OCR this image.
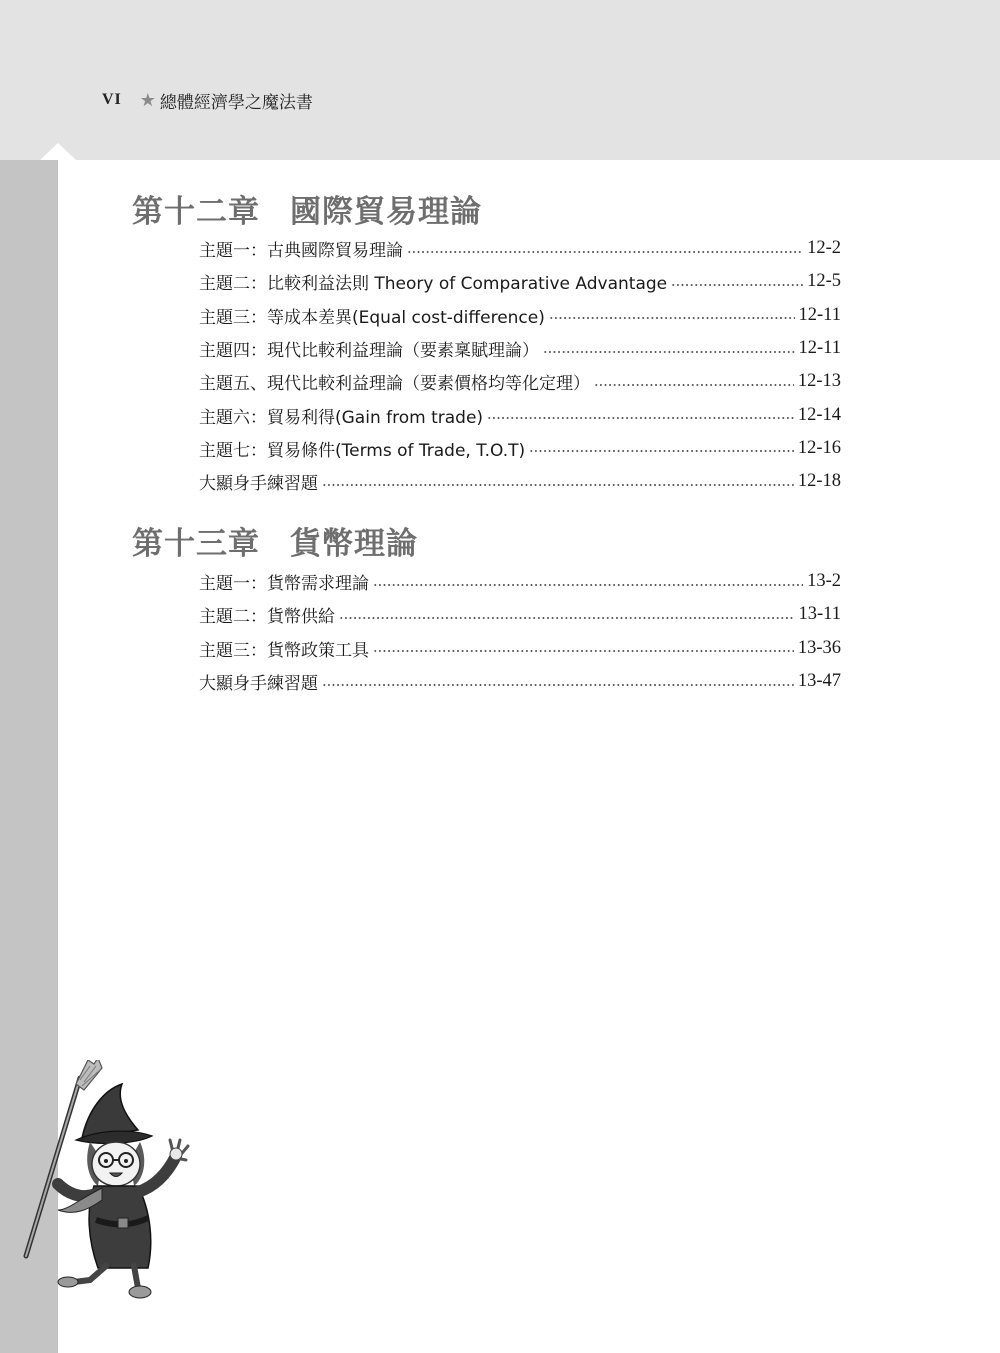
VI ★ 總體經濟學之魔法書
第十二章 國際貿易理論
主題一：古典國際貿易理論	12-2
主題二：比較利益法則 Theory of Comparative Advantage	12-5
主題三：等成本差異(Equal cost-difference)	12-11
主題四：現代比較利益理論（要素稟賦理論）	12-11
主題五、現代比較利益理論（要素價格均等化定理）	12-13
主題六：貿易利得(Gain from trade)	12-14
主題七：貿易條件(Terms of Trade, T.O.T)	12-16
大顯身手練習題	12-18
第十三章 貨幣理論
主題一：貨幣需求理論	13-2
主題二：貨幣供給	13-11
主題三：貨幣政策工具	13-36
大顯身手練習題	13-47
